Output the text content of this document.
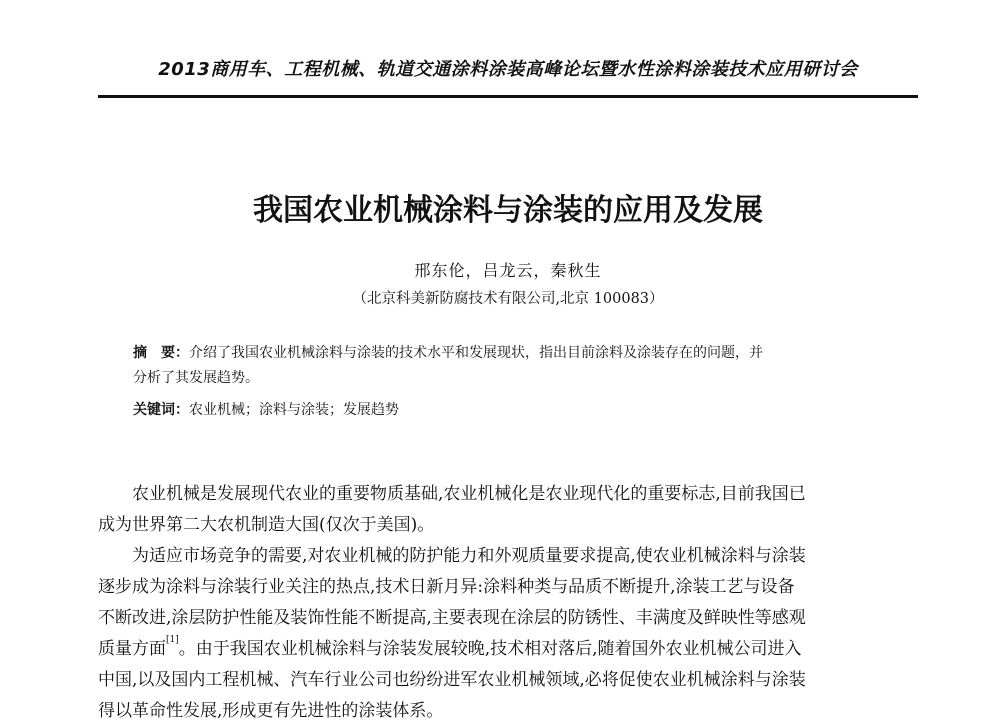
2013商用车、工程机械、轨道交通涂料涂装高峰论坛暨水性涂料涂装技术应用研讨会
我国农业机械涂料与涂装的应用及发展
邢东伦，吕龙云，秦秋生
（北京科美新防腐技术有限公司,北京 100083）

摘　要：介绍了我国农业机械涂料与涂装的技术水平和发展现状，指出目前涂料及涂装存在的问题，并

分析了其发展趋势。

关键词：农业机械；涂料与涂装；发展趋势

农业机械是发展现代农业的重要物质基础,农业机械化是农业现代化的重要标志,目前我国已

成为世界第二大农机制造大国(仅次于美国)。

为适应市场竞争的需要,对农业机械的防护能力和外观质量要求提高,使农业机械涂料与涂装

逐步成为涂料与涂装行业关注的热点,技术日新月异:涂料种类与品质不断提升,涂装工艺与设备

不断改进,涂层防护性能及装饰性能不断提高,主要表现在涂层的防锈性、丰满度及鲜映性等感观

质量方面[1]。由于我国农业机械涂料与涂装发展较晚,技术相对落后,随着国外农业机械公司进入

中国,以及国内工程机械、汽车行业公司也纷纷进军农业机械领域,必将促使农业机械涂料与涂装

得以革命性发展,形成更有先进性的涂装体系。
